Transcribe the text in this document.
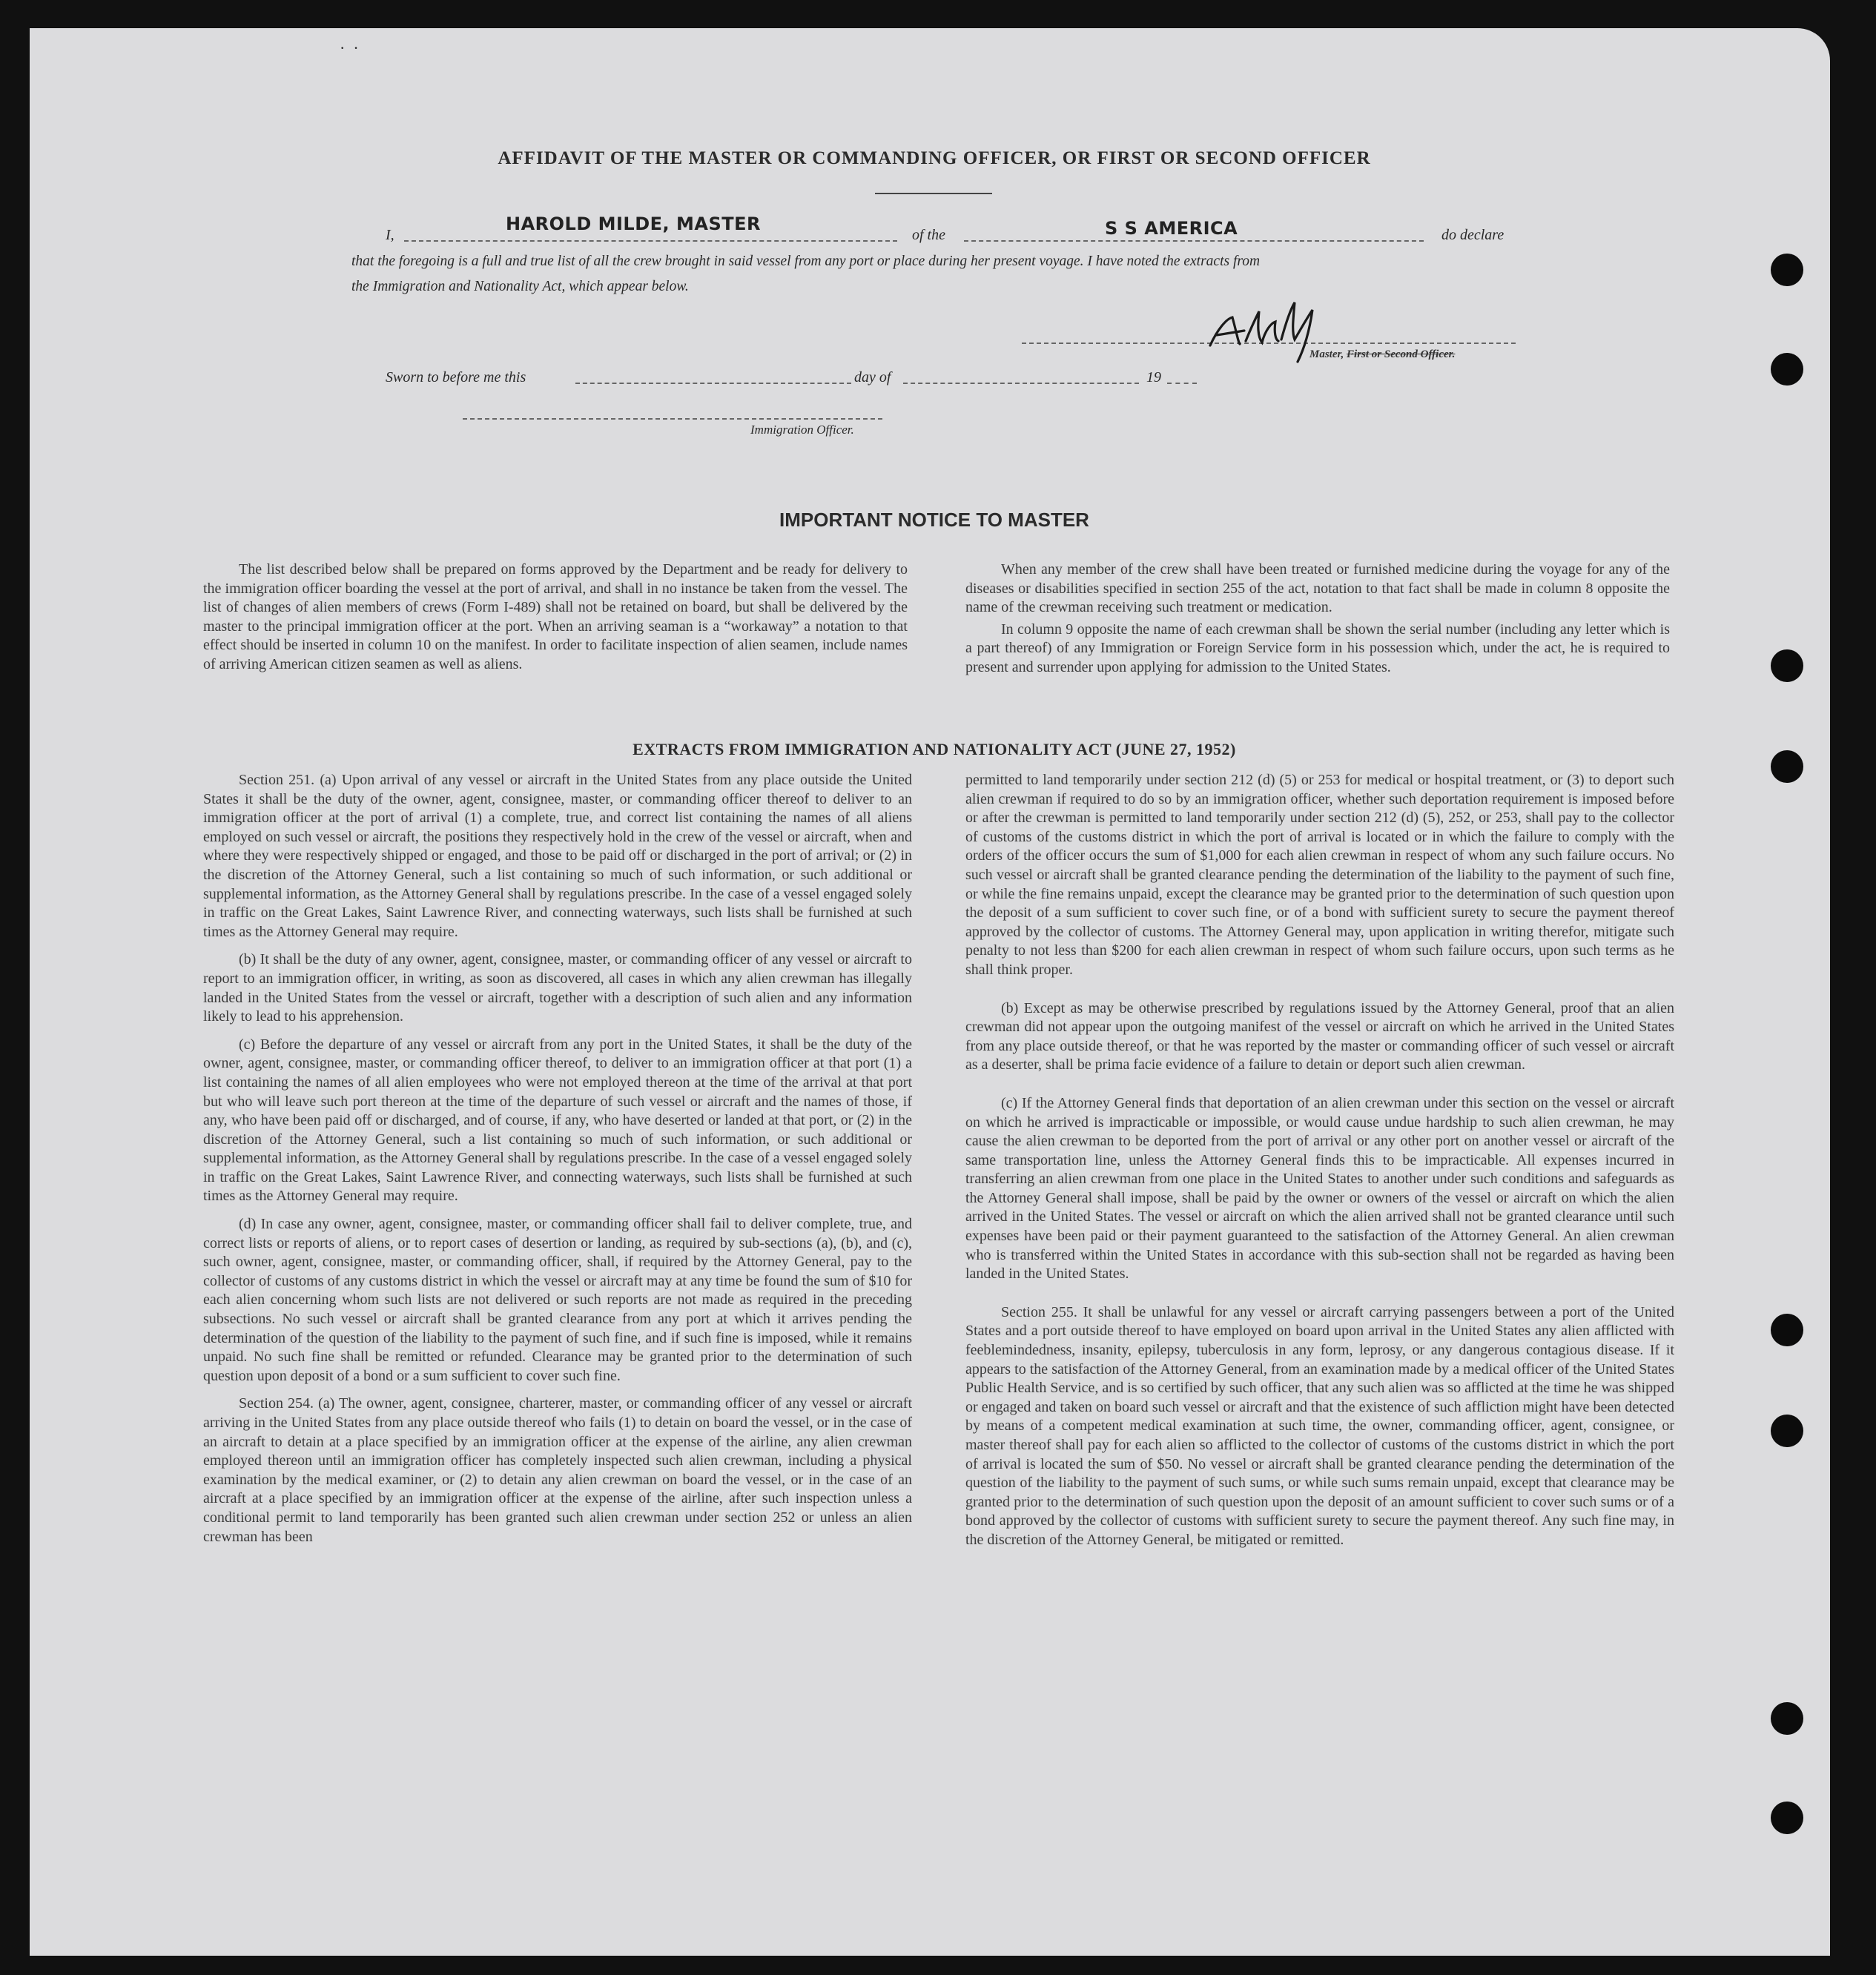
·  ·
AFFIDAVIT OF THE MASTER OR COMMANDING OFFICER, OR FIRST OR SECOND OFFICER
I,
HAROLD MILDE, MASTER
of the	S S AMERICA	do declare
that the foregoing is a full and true list of all the crew brought in said vessel from any port or place during her present voyage. I have noted the extracts from
the Immigration and Nationality Act, which appear below.
Master, First or Second Officer.
Sworn to before me this	day of	19
Immigration Officer.
IMPORTANT NOTICE TO MASTER

The list described below shall be prepared on forms approved by the Department and be ready for delivery to the immigration officer boarding the vessel at the port of arrival, and shall in no instance be taken from the vessel. The list of changes of alien members of crews (Form I-489) shall not be retained on board, but shall be delivered by the master to the principal immigration officer at the port. When an arriving seaman is a “workaway” a notation to that effect should be inserted in column 10 on the manifest. In order to facilitate inspection of alien seamen, include names of arriving American citizen seamen as well as aliens.

When any member of the crew shall have been treated or furnished medicine during the voyage for any of the diseases or disabilities specified in section 255 of the act, notation to that fact shall be made in column 8 opposite the name of the crewman receiving such treatment or medication.

In column 9 opposite the name of each crewman shall be shown the serial number (including any letter which is a part thereof) of any Immigration or Foreign Service form in his possession which, under the act, he is required to present and surrender upon applying for admission to the United States.

EXTRACTS FROM IMMIGRATION AND NATIONALITY ACT (JUNE 27, 1952)

Section 251. (a) Upon arrival of any vessel or aircraft in the United States from any place outside the United States it shall be the duty of the owner, agent, consignee, master, or commanding officer thereof to deliver to an immigration officer at the port of arrival (1) a complete, true, and correct list containing the names of all aliens employed on such vessel or aircraft, the positions they respectively hold in the crew of the vessel or aircraft, when and where they were respectively shipped or engaged, and those to be paid off or discharged in the port of arrival; or (2) in the discretion of the Attorney General, such a list containing so much of such information, or such additional or supplemental information, as the Attorney General shall by regulations prescribe. In the case of a vessel engaged solely in traffic on the Great Lakes, Saint Lawrence River, and connecting waterways, such lists shall be furnished at such times as the Attorney General may require.

(b) It shall be the duty of any owner, agent, consignee, master, or commanding officer of any vessel or aircraft to report to an immigration officer, in writing, as soon as discovered, all cases in which any alien crewman has illegally landed in the United States from the vessel or aircraft, together with a description of such alien and any information likely to lead to his apprehension.

(c) Before the departure of any vessel or aircraft from any port in the United States, it shall be the duty of the owner, agent, consignee, master, or commanding officer thereof, to deliver to an immigration officer at that port (1) a list containing the names of all alien employees who were not employed thereon at the time of the arrival at that port but who will leave such port thereon at the time of the departure of such vessel or aircraft and the names of those, if any, who have been paid off or discharged, and of course, if any, who have deserted or landed at that port, or (2) in the discretion of the Attorney General, such a list containing so much of such information, or such additional or supplemental information, as the Attorney General shall by regulations prescribe. In the case of a vessel engaged solely in traffic on the Great Lakes, Saint Lawrence River, and connecting waterways, such lists shall be furnished at such times as the Attorney General may require.

(d) In case any owner, agent, consignee, master, or commanding officer shall fail to deliver complete, true, and correct lists or reports of aliens, or to report cases of desertion or landing, as required by sub-sections (a), (b), and (c), such owner, agent, consignee, master, or commanding officer, shall, if required by the Attorney General, pay to the collector of customs of any customs district in which the vessel or aircraft may at any time be found the sum of $10 for each alien concerning whom such lists are not delivered or such reports are not made as required in the preceding subsections. No such vessel or aircraft shall be granted clearance from any port at which it arrives pending the determination of the question of the liability to the payment of such fine, and if such fine is imposed, while it remains unpaid. No such fine shall be remitted or refunded. Clearance may be granted prior to the determination of such question upon deposit of a bond or a sum sufficient to cover such fine.

Section 254. (a) The owner, agent, consignee, charterer, master, or commanding officer of any vessel or aircraft arriving in the United States from any place outside thereof who fails (1) to detain on board the vessel, or in the case of an aircraft to detain at a place specified by an immigration officer at the expense of the airline, any alien crewman employed thereon until an immigration officer has completely inspected such alien crewman, including a physical examination by the medical examiner, or (2) to detain any alien crewman on board the vessel, or in the case of an aircraft at a place specified by an immigration officer at the expense of the airline, after such inspection unless a conditional permit to land temporarily has been granted such alien crewman under section 252 or unless an alien crewman has been

permitted to land temporarily under section 212 (d) (5) or 253 for medical or hospital treatment, or (3) to deport such alien crewman if required to do so by an immigration officer, whether such deportation requirement is imposed before or after the crewman is permitted to land temporarily under section 212 (d) (5), 252, or 253, shall pay to the collector of customs of the customs district in which the port of arrival is located or in which the failure to comply with the orders of the officer occurs the sum of $1,000 for each alien crewman in respect of whom any such failure occurs. No such vessel or aircraft shall be granted clearance pending the determination of the liability to the payment of such fine, or while the fine remains unpaid, except the clearance may be granted prior to the determination of such question upon the deposit of a sum sufficient to cover such fine, or of a bond with sufficient surety to secure the payment thereof approved by the collector of customs. The Attorney General may, upon application in writing therefor, mitigate such penalty to not less than $200 for each alien crewman in respect of whom such failure occurs, upon such terms as he shall think proper.

(b) Except as may be otherwise prescribed by regulations issued by the Attorney General, proof that an alien crewman did not appear upon the outgoing manifest of the vessel or aircraft on which he arrived in the United States from any place outside thereof, or that he was reported by the master or commanding officer of such vessel or aircraft as a deserter, shall be prima facie evidence of a failure to detain or deport such alien crewman.

(c) If the Attorney General finds that deportation of an alien crewman under this section on the vessel or aircraft on which he arrived is impracticable or impossible, or would cause undue hardship to such alien crewman, he may cause the alien crewman to be deported from the port of arrival or any other port on another vessel or aircraft of the same transportation line, unless the Attorney General finds this to be impracticable. All expenses incurred in transferring an alien crewman from one place in the United States to another under such conditions and safeguards as the Attorney General shall impose, shall be paid by the owner or owners of the vessel or aircraft on which the alien arrived in the United States. The vessel or aircraft on which the alien arrived shall not be granted clearance until such expenses have been paid or their payment guaranteed to the satisfaction of the Attorney General. An alien crewman who is transferred within the United States in accordance with this sub-section shall not be regarded as having been landed in the United States.

Section 255. It shall be unlawful for any vessel or aircraft carrying passengers between a port of the United States and a port outside thereof to have employed on board upon arrival in the United States any alien afflicted with feeblemindedness, insanity, epilepsy, tuberculosis in any form, leprosy, or any dangerous contagious disease. If it appears to the satisfaction of the Attorney General, from an examination made by a medical officer of the United States Public Health Service, and is so certified by such officer, that any such alien was so afflicted at the time he was shipped or engaged and taken on board such vessel or aircraft and that the existence of such affliction might have been detected by means of a competent medical examination at such time, the owner, commanding officer, agent, consignee, or master thereof shall pay for each alien so afflicted to the collector of customs of the customs district in which the port of arrival is located the sum of $50. No vessel or aircraft shall be granted clearance pending the determination of the question of the liability to the payment of such sums, or while such sums remain unpaid, except that clearance may be granted prior to the determination of such question upon the deposit of an amount sufficient to cover such sums or of a bond approved by the collector of customs with sufficient surety to secure the payment thereof. Any such fine may, in the discretion of the Attorney General, be mitigated or remitted.
